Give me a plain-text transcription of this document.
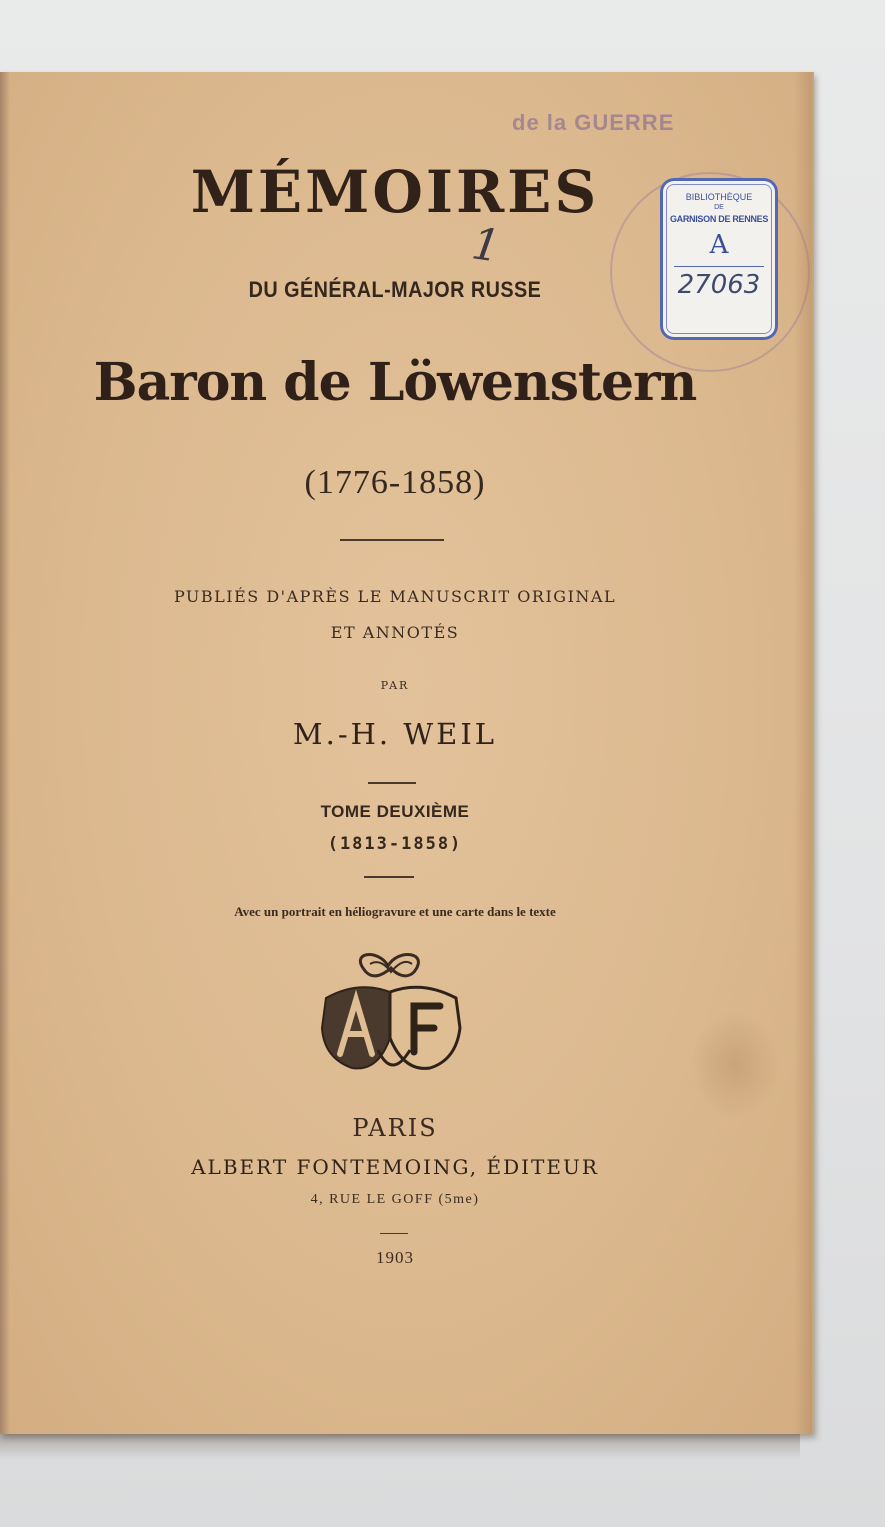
de la GUERRE
MÉMOIRES
1
BIBLIOTHÈQUE
DE
GARNISON DE RENNES
A
27063
DU GÉNÉRAL-MAJOR RUSSE
Baron de Löwenstern
(1776-1858)
PUBLIÉS D'APRÈS LE MANUSCRIT ORIGINAL
ET ANNOTÉS
PAR
M.-H. WEIL
TOME DEUXIÈME
(1813-1858)
Avec un portrait en héliogravure et une carte dans le texte
PARIS
ALBERT FONTEMOING, ÉDITEUR
4, RUE LE GOFF (5me)
1903
